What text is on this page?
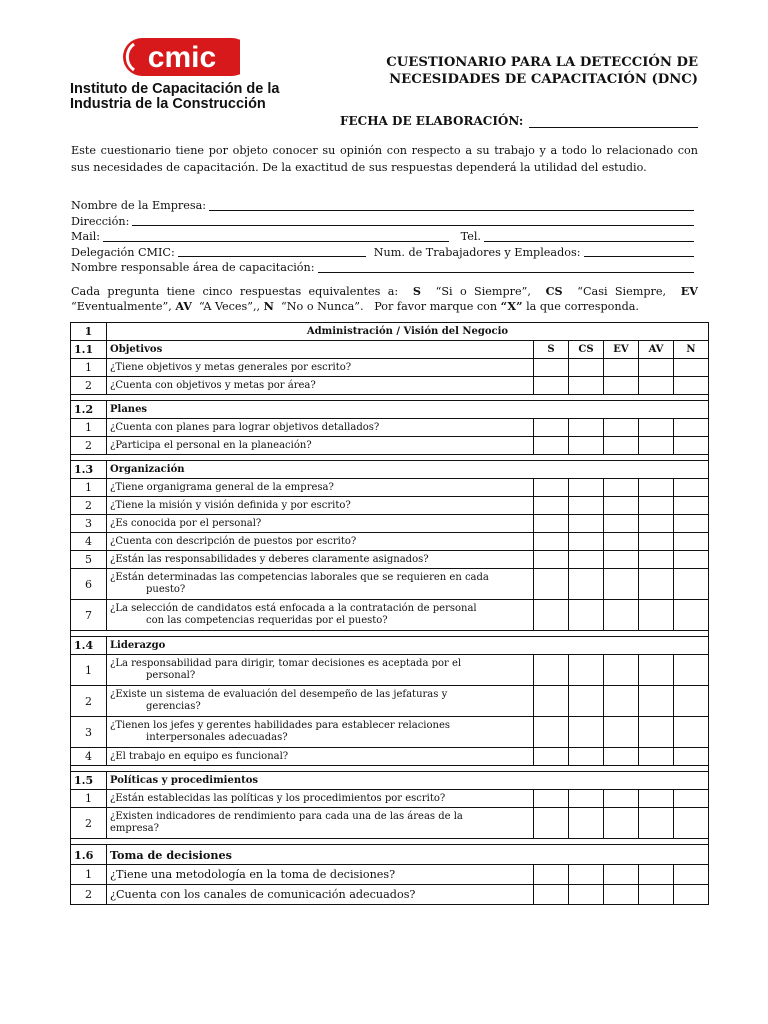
cmic
Instituto de Capacitación de la
Industria de la Construcción
CUESTIONARIO PARA LA DETECCIÓN DE
NECESIDADES DE CAPACITACIÓN (DNC)
FECHA DE ELABORACIÓN:
Este cuestionario tiene por objeto conocer su opinión con respecto a su trabajo y a todo lo relacionado con sus necesidades de capacitación. De la exactitud de sus respuestas dependerá la utilidad del estudio.
Nombre de la Empresa:
Dirección:
Mail:	Tel.
Delegación CMIC:	Num. de Trabajadores y Empleados:
Nombre responsable área de capacitación:
Cada pregunta tiene cinco respuestas equivalentes a: S “Si o Siempre”, CS “Casi Siempre, EV “Eventualmente”, AV “A Veces”,, N “No o Nunca”. Por favor marque con “X” la que corresponda.
1	Administración / Visión del Negocio					
1.1	Objetivos	S	CS	EV	AV	N
1	¿Tiene objetivos y metas generales por escrito?					
2	¿Cuenta con objetivos y metas por área?					

1.2	Planes					
1	¿Cuenta con planes para lograr objetivos detallados?					
2	¿Participa el personal en la planeación?					

1.3	Organización					
1	¿Tiene organigrama general de la empresa?					
2	¿Tiene la misión y visión definida y por escrito?					
3	¿Es conocida por el personal?					
4	¿Cuenta con descripción de puestos por escrito?					
5	¿Están las responsabilidades y deberes claramente asignados?					
6	¿Están determinadas las competencias laborales que se requieren en cada
puesto?					

7	¿La selección de candidatos está enfocada a la contratación de personal
con las competencias requeridas por el puesto?					

1.4	Liderazgo					
1	¿La responsabilidad para dirigir, tomar decisiones es aceptada por el
personal?					

2	¿Existe un sistema de evaluación del desempeño de las jefaturas y
gerencias?					

3	¿Tienen los jefes y gerentes habilidades para establecer relaciones
interpersonales adecuadas?					

4	¿El trabajo en equipo es funcional?					

1.5	Políticas y procedimientos					
1	¿Están establecidas las políticas y los procedimientos por escrito?					
2	¿Existen indicadores de rendimiento para cada una de las áreas de la
empresa?					

1.6	Toma de decisiones					
1	¿Tiene una metodología en la toma de decisiones?					
2	¿Cuenta con los canales de comunicación adecuados?					
